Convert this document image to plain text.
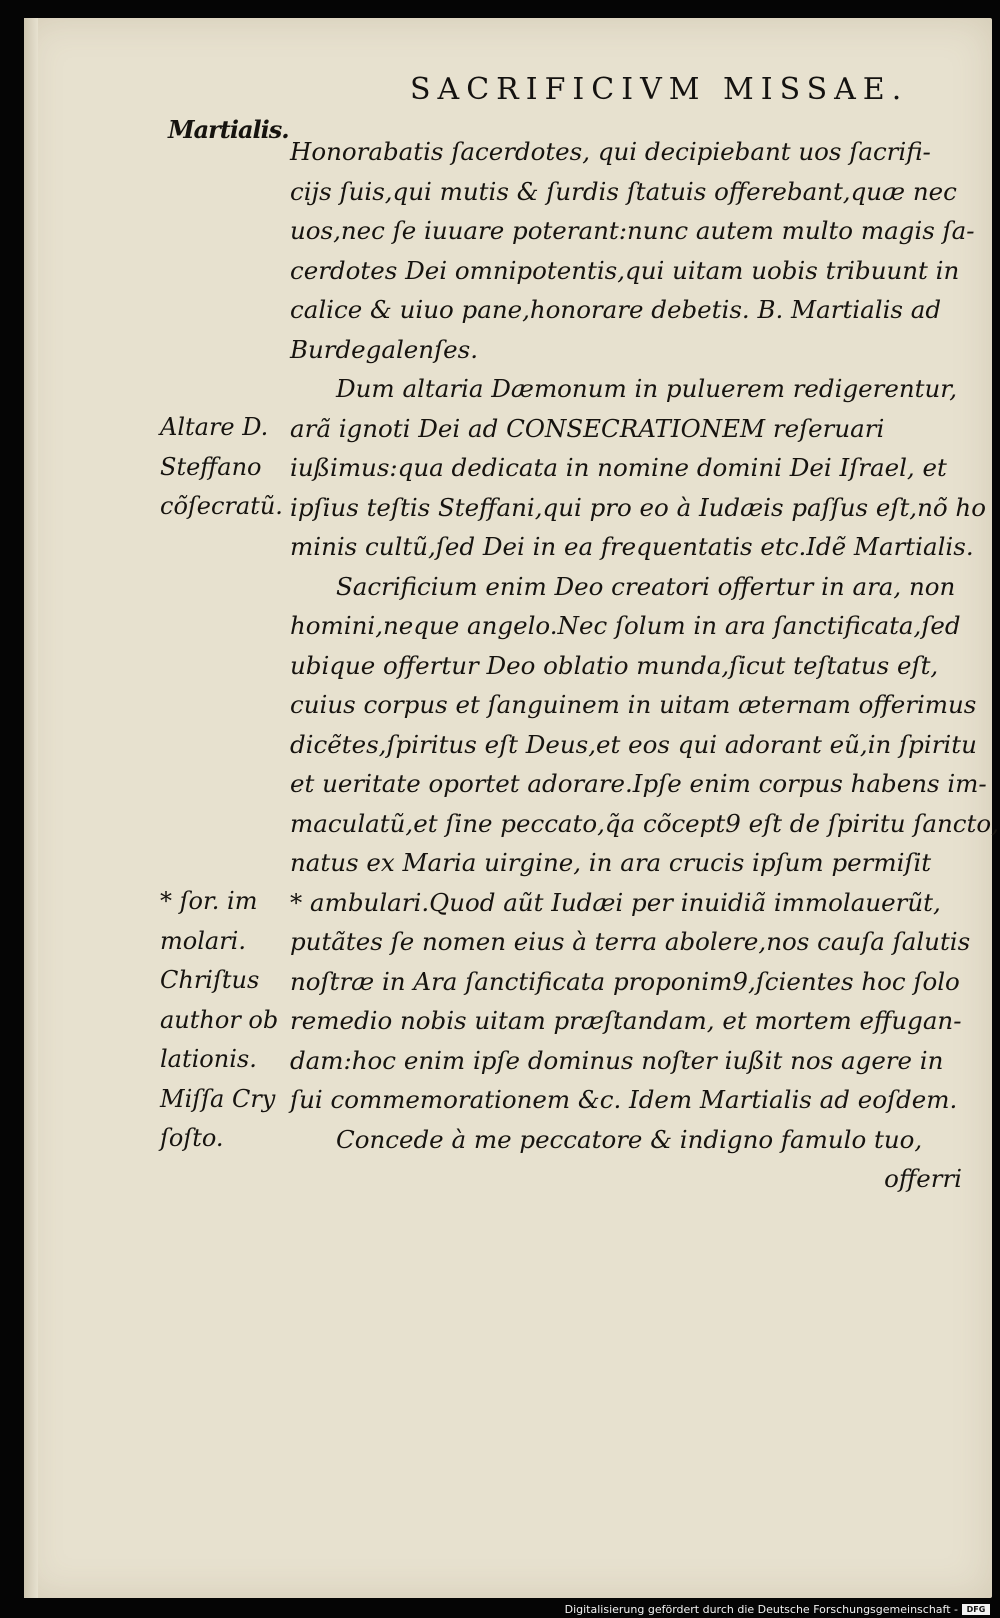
SACRIFICIVM MISSAE.
Martialis.
Altare D.
Steffano
cõſecratũ.
* ſor. im
molari.
Chriſtus
author ob
lationis.
Miſſa Cry
ſoſto.
Honorabatis ſacerdotes, qui decipiebant uos ſacrifi-
ciјs ſuis,qui mutis & ſurdis ſtatuis offerebant,quæ nec
uos,nec ſe iuuare poterant:nunc autem multo magis ſa-
cerdotes Dei omnipotentis,qui uitam uobis tribuunt in
calice & uiuo pane,honorare debetis. B. Martialis ad
Burdegalenſes.
Dum altaria Dæmonum in puluerem redigerentur,
arã ignoti Dei ad CONSECRATIONEM reſeruari
iußimus:qua dedicata in nomine domini Dei Iſrael, et
ipſius teſtis Steffani,qui pro eo à Iudæis paſſus eſt,nõ ho
minis cultũ,ſed Dei in ea frequentatis etc.Idẽ Martialis.
Sacrificium enim Deo creatori offertur in ara, non
homini,neque angelo.Nec ſolum in ara ſanctificata,ſed
ubique offertur Deo oblatio munda,ſicut teſtatus eſt,
cuius corpus et ſanguinem in uitam æternam offerimus
dicẽtes,ſpiritus eſt Deus,et eos qui adorant eũ,in ſpiritu
et ueritate oportet adorare.Ipſe enim corpus habens im-
maculatũ,et ſine peccato,q̃a cõcept9 eſt de ſpiritu ſancto,
natus ex Maria uirgine, in ara crucis ipſum permiſit
* ambulari.Quod aũt Iudæi per inuidiã immolauerũt,
putãtes ſe nomen eius à terra abolere,nos cauſa ſalutis
noſtræ in Ara ſanctificata proponim9,ſcientes hoc ſolo
remedio nobis uitam præſtandam, et mortem effugan-
dam:hoc enim ipſe dominus noſter iußit nos agere in
ſui commemorationem &c. Idem Martialis ad eoſdem.
Concede à me peccatore & indigno famulo tuo,
offerri
Digitalisierung gefördert durch die Deutsche Forschungsgemeinschaft -	DFG
